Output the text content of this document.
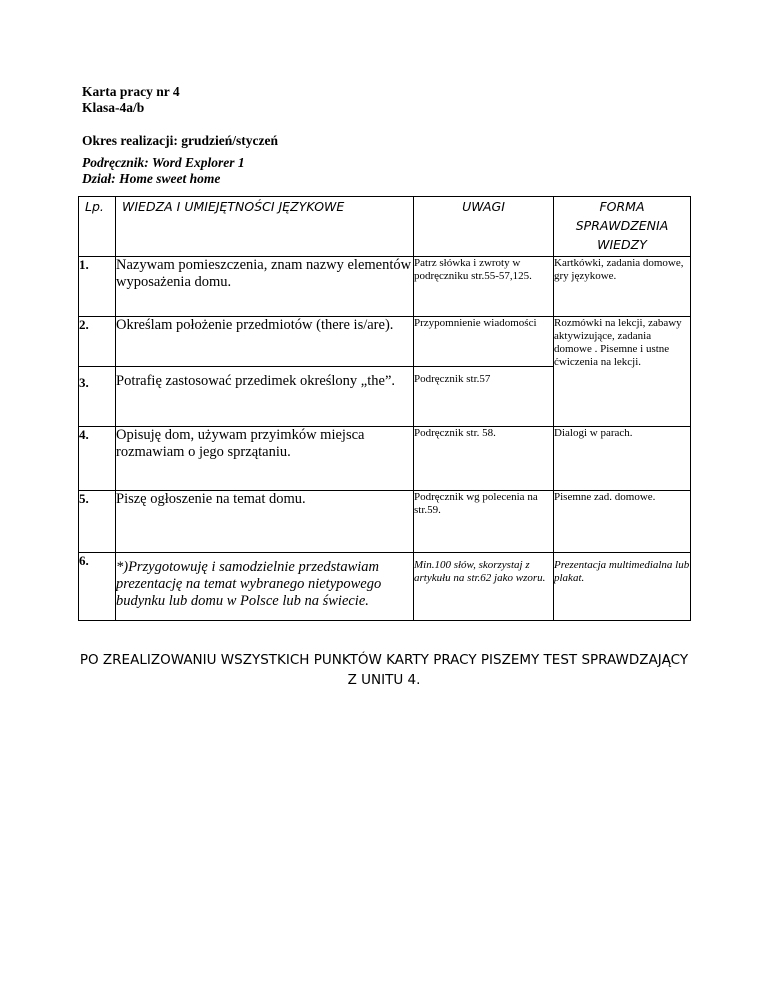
Karta pracy nr 4
Klasa-4a/b
Okres realizacji: grudzień/styczeń
Podręcznik: Word Explorer 1
Dział: Home sweet home
Lp.	WIEDZA I UMIEJĘTNOŚCI JĘZYKOWE	UWAGI	FORMA SPRAWDZENIA WIEDZY
1.	Nazywam pomieszczenia, znam nazwy elementów wyposażenia domu.	Patrz słówka i zwroty w podręczniku str.55-57,125.	Kartkówki, zadania domowe, gry językowe.
2.	Określam położenie przedmiotów (there is/are).	Przypomnienie wiadomości	Rozmówki na lekcji, zabawy aktywizujące, zadania domowe . Pisemne i ustne ćwiczenia na lekcji.
3.	Potrafię zastosować przedimek określony „the”.	Podręcznik str.57	
4.	Opisuję dom, używam przyimków miejsca rozmawiam o jego sprzątaniu.	Podręcznik str. 58.	Dialogi w parach.
5.	Piszę ogłoszenie na temat domu.	Podręcznik wg polecenia na str.59.	Pisemne zad. domowe.
6.	*)Przygotowuję i samodzielnie przedstawiam prezentację na temat wybranego nietypowego budynku lub domu w Polsce lub na świecie.	Min.100 słów, skorzystaj z artykułu na str.62 jako wzoru.	Prezentacja multimedialna lub plakat.
PO ZREALIZOWANIU WSZYSTKICH PUNKTÓW KARTY PRACY PISZEMY TEST SPRAWDZAJĄCY Z UNITU 4.
